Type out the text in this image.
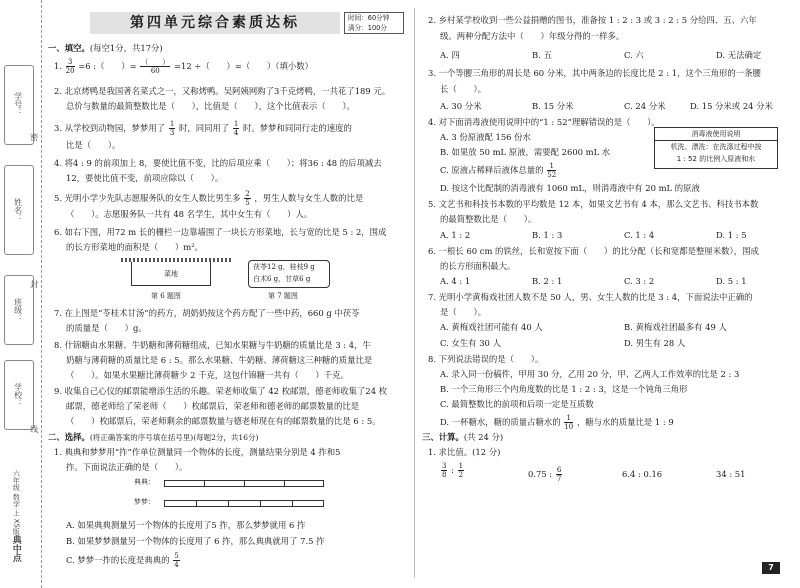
学号：
密
姓名：
封
班级：
学校：
线
六年级 数学 上 XS版
典中点
第四单元综合素质达标	时间：60分钟
满分：100分
一、填空。(每空1分，共17分)
1. $\frac{3}{20} =6$ :（　　）= （　　）
60	=12 ÷（　　）=（　　）（填小数）
2. 北京烤鸭是我国著名菜式之一，又称烤鸭。吴阿姨网购了3千克烤鸭，一共花了189 元。
总价与数量的最简整数比是（　　），比值是（　　），这个比值表示（　　）。
3. 从学校到动物园，梦梦用了 $\frac{1}{3}$ 时，同同用了 $\frac{1}{4}$ 时。梦梦和同同行走的速度的
比是（　　）。
4. 将4 : 9 的前项加上 8，要使比值不变，比的后项应乘（　　）；将36 : 48 的后项减去
12，要使比值不变，前项应除以（　　）。
5. 光明小学少先队志愿服务队的女生人数比男生多 $\frac{2}{5}$ ，男生人数与女生人数的比是
（　　）。志愿服务队一共有 48 名学生，其中女生有（　　）人。
6. 如右下图，用72 m 长的栅栏一边靠墙围了一块长方形菜地，长与宽的比是 5 : 2，围成
的长方形菜地的面积是（　　）m²。
菜地
第 6 题图
茯苓12 g，桂枝9 g
白术6 g，甘草6 g
第 7 题图
7. 在上图是“苓桂术甘汤”的药方，胡奶奶按这个药方配了一些中药，660 g 中茯苓
的质量是（　　）g。
8. 什锦糖由水果糖、牛奶糖和薄荷糖组成，已知水果糖与牛奶糖的质量比是 3 : 4，牛
奶糖与薄荷糖的质量比是 6 : 5。那么水果糖、牛奶糖、薄荷糖这三种糖的质量比是
（　　）。如果水果糖比薄荷糖少 2 千克，这包什锦糖一共有（　　）千克。
9. 收集自己心仪的邮票能增添生活的乐趣。荣老师收集了 42 枚邮票，德老师收集了24 枚
邮票，德老师给了荣老师（　　）枚邮票后，荣老师和德老师的邮票数量的比是
（　　）枚邮票后，荣老师剩余的邮票数量与德老师现在有的邮票数量的比是 6 : 5。
二、选择。(将正确答案的序号填在括号里)(每题2分，共16分)
1. 典典和梦梦用“拃”作单位测量同一个物体的长度，测量结果分别是 4 拃和5
拃。下面说法正确的是（　　）。
典典：
梦梦：
A. 如果典典测量另一个物体的长度用了5 拃，那么梦梦就用 6 拃
B. 如果梦梦测量另一个物体的长度用了 6 拃，那么典典就用了 7.5 拃
C. 梦梦一拃的长度是典典的 $\frac{5}{4}$
2. 乡村某学校收到一些公益捐赠的图书，准备按 1 : 2 : 3 或 3 : 2 : 5 分给四、五、六年
级。两种分配方法中（　　）年级分得的一样多。
A. 四	B. 五	C. 六	D. 无法确定
3. 一个等腰三角形的周长是 60 分米，其中两条边的长度比是 2 : 1，这个三角形的一条腰
长（　　）。
A. 30 分米	B. 15 分米	C. 24 分米	D. 15 分米或 24 分米
4. 对下面消毒液使用说明中的“1 : 52”理解错误的是（　　）。
A. 3 份原液配 156 份水
B. 如果放 50 mL 原液，需要配 2600 mL 水
C. 原液占稀释后液体总量的 $\frac{1}{52}$
D. 按这个比配制的消毒液有 1060 mL，则消毒液中有 20 mL 的原液
5. 文艺书和科技书本数的平均数是 12 本，如果文艺书有 4 本，那么文艺书、科技书本数
的最简整数比是（　　）。
A. 1 : 2	B. 1 : 3	C. 1 : 4	D. 1 : 5
6. 一根长 60 cm 的铁丝，长和宽按下面（　　）的比分配（长和宽都是整厘米数），围成
的长方形面积最大。
A. 4 : 1	B. 2 : 1	C. 3 : 2	D. 5 : 1
7. 光明小学黄梅戏社团人数不是 50 人，男、女生人数的比是 3 : 4，下面说法中正确的
是（　　）。
A. 黄梅戏社团可能有 40 人	B. 黄梅戏社团最多有 49 人
C. 女生有 30 人	D. 男生有 28 人
8. 下列说法错误的是（　　）。
A. 录入同一份稿件，甲用 30 分，乙用 20 分，甲、乙两人工作效率的比是 2 : 3
B. 一个三角形三个内角度数的比是 1 : 2 : 3，这是一个钝角三角形
C. 最简整数比的前项和后项一定是互质数
D. 一杯糖水，糖的质量占糖水的 $\frac{1}{10}$ ，糖与水的质量比是 1 : 9
三、计算。(共 24 分)
1. 求比值。(12 分)
$\frac{3}{8}$ : $\frac{1}{2}$	0.75 : $\frac{6}{7}$	6.4 : 0.16	34 : 51
消毒液使用说明
机洗、漂洗：在洗涤过程中按
1 : 52 的比例入原液和水
7
